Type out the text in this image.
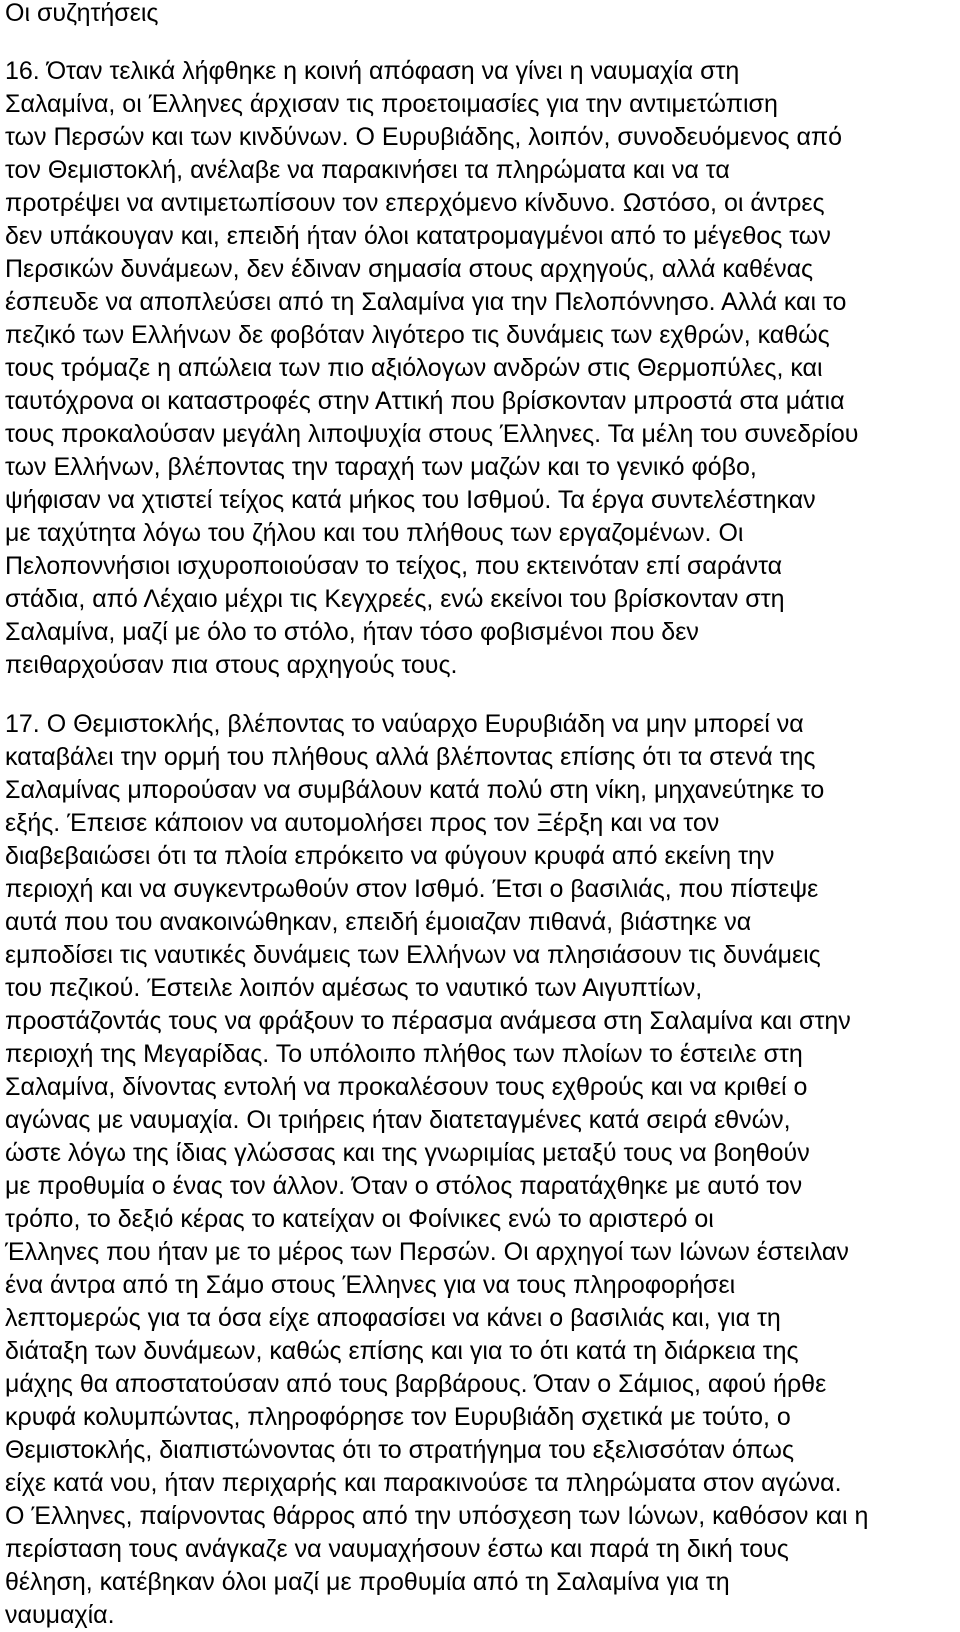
Οι συζητήσεις
16. Όταν τελικά λήφθηκε η κοινή απόφαση να γίνει η ναυμαχία στη
Σαλαμίνα, οι Έλληνες άρχισαν τις προετοιμασίες για την αντιμετώπιση
των Περσών και των κινδύνων. Ο Ευρυβιάδης, λοιπόν, συνοδευόμενος από
τον Θεμιστοκλή, ανέλαβε να παρακινήσει τα πληρώματα και να τα
προτρέψει να αντιμετωπίσουν τον επερχόμενο κίνδυνο. Ωστόσο, οι άντρες
δεν υπάκουγαν και, επειδή ήταν όλοι κατατρομαγμένοι από το μέγεθος των
Περσικών δυνάμεων, δεν έδιναν σημασία στους αρχηγούς, αλλά καθένας
έσπευδε να αποπλεύσει από τη Σαλαμίνα για την Πελοπόννησο. Αλλά και το
πεζικό των Ελλήνων δε φοβόταν λιγότερο τις δυνάμεις των εχθρών, καθώς
τους τρόμαζε η απώλεια των πιο αξιόλογων ανδρών στις Θερμοπύλες, και
ταυτόχρονα οι καταστροφές στην Αττική που βρίσκονταν μπροστά στα μάτια
τους προκαλούσαν μεγάλη λιποψυχία στους Έλληνες. Τα μέλη του συνεδρίου
των Ελλήνων, βλέποντας την ταραχή των μαζών και το γενικό φόβο,
ψήφισαν να χτιστεί τείχος κατά μήκος του Ισθμού. Τα έργα συντελέστηκαν
με ταχύτητα λόγω του ζήλου και του πλήθους των εργαζομένων. Οι
Πελοποννήσιοι ισχυροποιούσαν το τείχος, που εκτεινόταν επί σαράντα
στάδια, από Λέχαιο μέχρι τις Κεγχρεές, ενώ εκείνοι του βρίσκονταν στη
Σαλαμίνα, μαζί με όλο το στόλο, ήταν τόσο φοβισμένοι που δεν
πειθαρχούσαν πια στους αρχηγούς τους.
17. Ο Θεμιστοκλής, βλέποντας το ναύαρχο Ευρυβιάδη να μην μπορεί να
καταβάλει την ορμή του πλήθους αλλά βλέποντας επίσης ότι τα στενά της
Σαλαμίνας μπορούσαν να συμβάλουν κατά πολύ στη νίκη, μηχανεύτηκε το
εξής. Έπεισε κάποιον να αυτομολήσει προς τον Ξέρξη και να τον
διαβεβαιώσει ότι τα πλοία επρόκειτο να φύγουν κρυφά από εκείνη την
περιοχή και να συγκεντρωθούν στον Ισθμό. Έτσι ο βασιλιάς, που πίστεψε
αυτά που του ανακοινώθηκαν, επειδή έμοιαζαν πιθανά, βιάστηκε να
εμποδίσει τις ναυτικές δυνάμεις των Ελλήνων να πλησιάσουν τις δυνάμεις
του πεζικού. Έστειλε λοιπόν αμέσως το ναυτικό των Αιγυπτίων,
προστάζοντάς τους να φράξουν το πέρασμα ανάμεσα στη Σαλαμίνα και στην
περιοχή της Μεγαρίδας. Το υπόλοιπο πλήθος των πλοίων το έστειλε στη
Σαλαμίνα, δίνοντας εντολή να προκαλέσουν τους εχθρούς και να κριθεί ο
αγώνας με ναυμαχία. Οι τριήρεις ήταν διατεταγμένες κατά σειρά εθνών,
ώστε λόγω της ίδιας γλώσσας και της γνωριμίας μεταξύ τους να βοηθούν
με προθυμία ο ένας τον άλλον. Όταν ο στόλος παρατάχθηκε με αυτό τον
τρόπο, το δεξιό κέρας το κατείχαν οι Φοίνικες ενώ το αριστερό οι
Έλληνες που ήταν με το μέρος των Περσών. Οι αρχηγοί των Ιώνων έστειλαν
ένα άντρα από τη Σάμο στους Έλληνες για να τους πληροφορήσει
λεπτομερώς για τα όσα είχε αποφασίσει να κάνει ο βασιλιάς και, για τη
διάταξη των δυνάμεων, καθώς επίσης και για το ότι κατά τη διάρκεια της
μάχης θα αποστατούσαν από τους βαρβάρους. Όταν ο Σάμιος, αφού ήρθε
κρυφά κολυμπώντας, πληροφόρησε τον Ευρυβιάδη σχετικά με τούτο, ο
Θεμιστοκλής, διαπιστώνοντας ότι το στρατήγημα του εξελισσόταν όπως
είχε κατά νου, ήταν περιχαρής και παρακινούσε τα πληρώματα στον αγώνα.
Ο Έλληνες, παίρνοντας θάρρος από την υπόσχεση των Ιώνων, καθόσον και η
περίσταση τους ανάγκαζε να ναυμαχήσουν έστω και παρά τη δική τους
θέληση, κατέβηκαν όλοι μαζί με προθυμία από τη Σαλαμίνα για τη
ναυμαχία.
